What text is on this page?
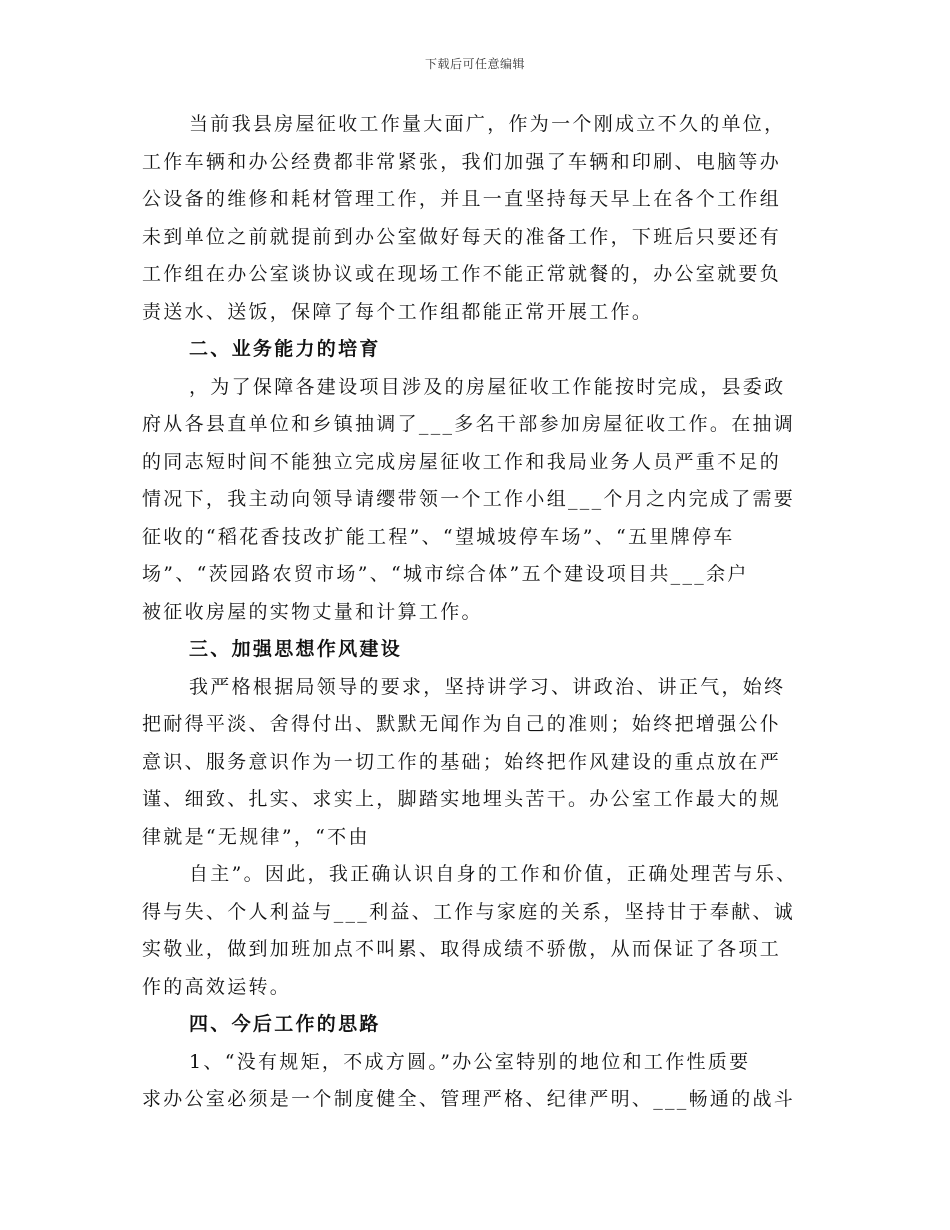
下载后可任意编辑
当前我县房屋征收工作量大面广，作为一个刚成立不久的单位，
工作车辆和办公经费都非常紧张，我们加强了车辆和印刷、电脑等办
公设备的维修和耗材管理工作，并且一直坚持每天早上在各个工作组
未到单位之前就提前到办公室做好每天的准备工作，下班后只要还有
工作组在办公室谈协议或在现场工作不能正常就餐的，办公室就要负
责送水、送饭，保障了每个工作组都能正常开展工作。
二、业务能力的培育
，为了保障各建设项目涉及的房屋征收工作能按时完成，县委政
府从各县直单位和乡镇抽调了___多名干部参加房屋征收工作。在抽调
的同志短时间不能独立完成房屋征收工作和我局业务人员严重不足的
情况下，我主动向领导请缨带领一个工作小组___个月之内完成了需要
征收的“稻花香技改扩能工程”、“望城坡停车场”、“五里牌停车
场”、“茨园路农贸市场”、“城市综合体”五个建设项目共___余户
被征收房屋的实物丈量和计算工作。
三、加强思想作风建设
我严格根据局领导的要求，坚持讲学习、讲政治、讲正气，始终
把耐得平淡、舍得付出、默默无闻作为自己的准则；始终把增强公仆
意识、服务意识作为一切工作的基础；始终把作风建设的重点放在严
谨、细致、扎实、求实上，脚踏实地埋头苦干。办公室工作最大的规
律就是“无规律”，“不由
自主”。因此，我正确认识自身的工作和价值，正确处理苦与乐、
得与失、个人利益与___利益、工作与家庭的关系，坚持甘于奉献、诚
实敬业，做到加班加点不叫累、取得成绩不骄傲，从而保证了各项工
作的高效运转。
四、今后工作的思路
1、“没有规矩，不成方圆。”办公室特别的地位和工作性质要
求办公室必须是一个制度健全、管理严格、纪律严明、___畅通的战斗
